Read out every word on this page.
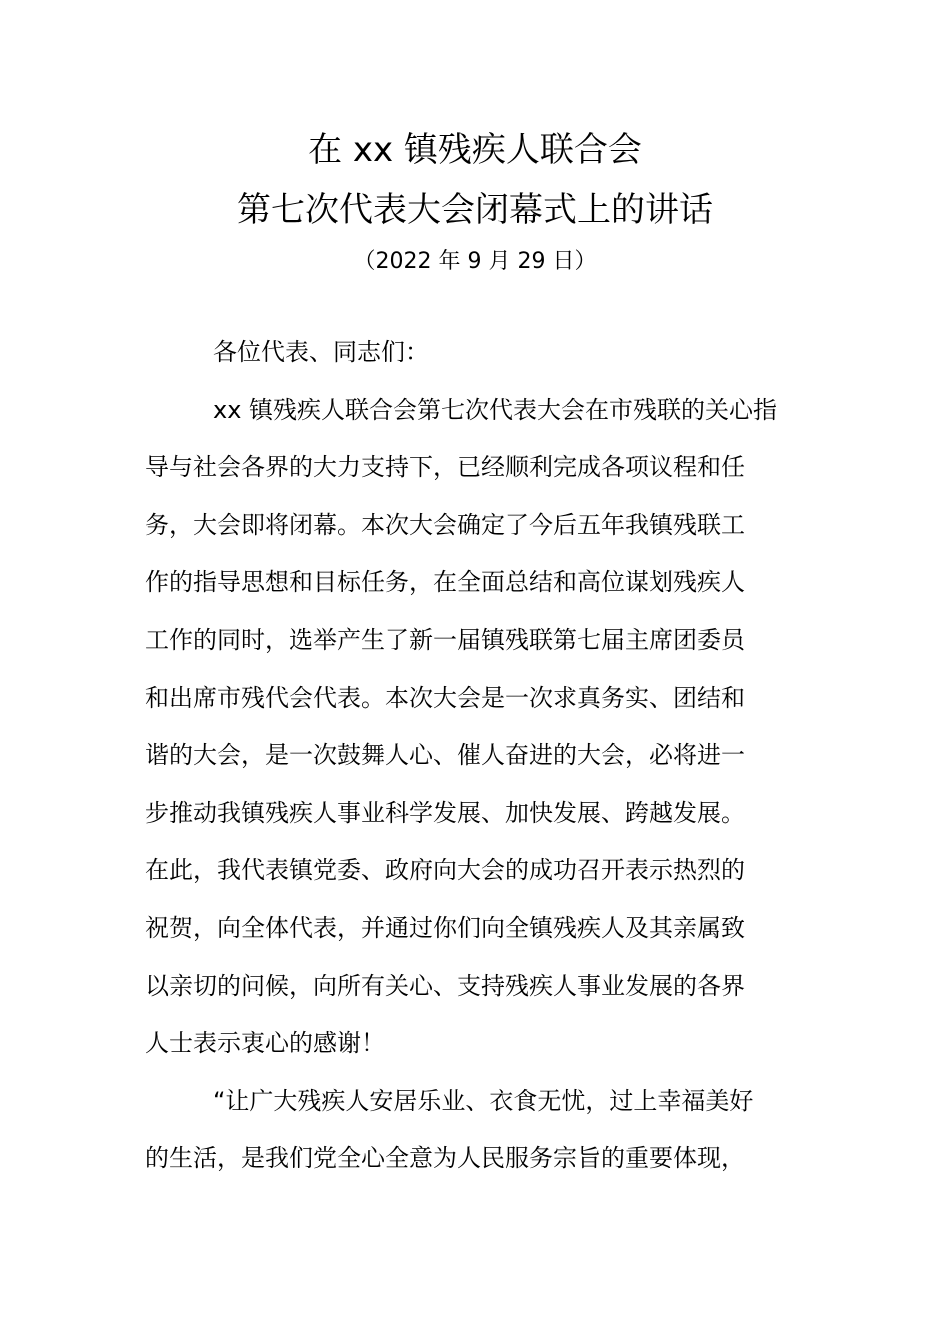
在 xx 镇残疾人联合会
第七次代表大会闭幕式上的讲话
（2022 年 9 月 29 日）
各位代表、同志们：
xx 镇残疾人联合会第七次代表大会在市残联的关心指
导与社会各界的大力支持下，已经顺利完成各项议程和任
务，大会即将闭幕。本次大会确定了今后五年我镇残联工
作的指导思想和目标任务，在全面总结和高位谋划残疾人
工作的同时，选举产生了新一届镇残联第七届主席团委员
和出席市残代会代表。本次大会是一次求真务实、团结和
谐的大会，是一次鼓舞人心、催人奋进的大会，必将进一
步推动我镇残疾人事业科学发展、加快发展、跨越发展。
在此，我代表镇党委、政府向大会的成功召开表示热烈的
祝贺，向全体代表，并通过你们向全镇残疾人及其亲属致
以亲切的问候，向所有关心、支持残疾人事业发展的各界
人士表示衷心的感谢！
“让广大残疾人安居乐业、衣食无忧，过上幸福美好
的生活，是我们党全心全意为人民服务宗旨的重要体现，
